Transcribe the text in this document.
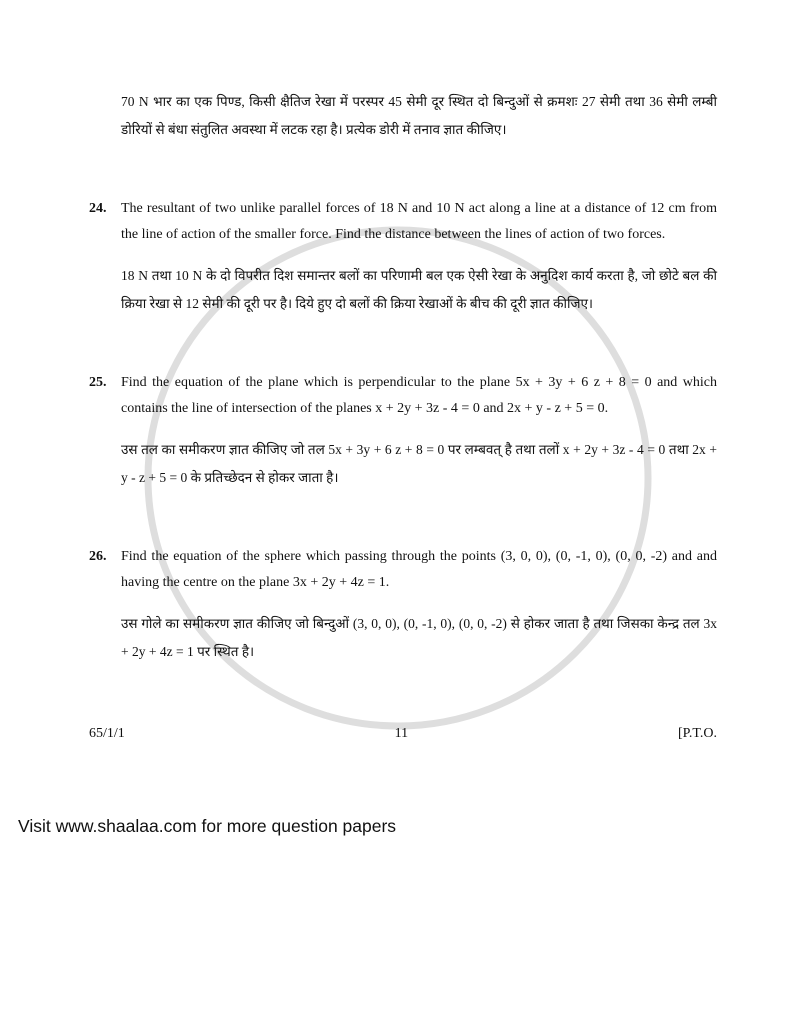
70 N भार का एक पिण्ड, किसी क्षैतिज रेखा में परस्पर 45 सेमी दूर स्थित दो बिन्दुओं से क्रमशः 27 सेमी तथा 36 सेमी लम्बी डोरियों से बंधा संतुलित अवस्था में लटक रहा है। प्रत्येक डोरी में तनाव ज्ञात कीजिए।

24.	The resultant of two unlike parallel forces of 18 N and 10 N act along a line at a distance of 12 cm from the line of action of the smaller force. Find the distance between the lines of action of two forces.

18 N तथा 10 N के दो विपरीत दिश समान्तर बलों का परिणामी बल एक ऐसी रेखा के अनुदिश कार्य करता है, जो छोटे बल की क्रिया रेखा से 12 सेमी की दूरी पर है। दिये हुए दो बलों की क्रिया रेखाओं के बीच की दूरी ज्ञात कीजिए।

25.	Find the equation of the plane which is perpendicular to the plane 5x + 3y + 6 z + 8 = 0 and which contains the line of intersection of the planes x + 2y + 3z - 4 = 0 and 2x + y - z + 5 = 0.

उस तल का समीकरण ज्ञात कीजिए जो तल 5x + 3y + 6 z + 8 = 0 पर लम्बवत् है तथा तलों x + 2y + 3z - 4 = 0 तथा 2x + y - z + 5 = 0 के प्रतिच्छेदन से होकर जाता है।

26.	Find the equation of the sphere which passing through the points (3, 0, 0), (0, -1, 0), (0, 0, -2) and and having the centre on the plane 3x + 2y + 4z = 1.

उस गोले का समीकरण ज्ञात कीजिए जो बिन्दुओं (3, 0, 0), (0, -1, 0), (0, 0, -2) से होकर जाता है तथा जिसका केन्द्र तल 3x + 2y + 4z = 1 पर स्थित है।

65/1/1	11	[P.T.O.
Visit www.shaalaa.com for more question papers
